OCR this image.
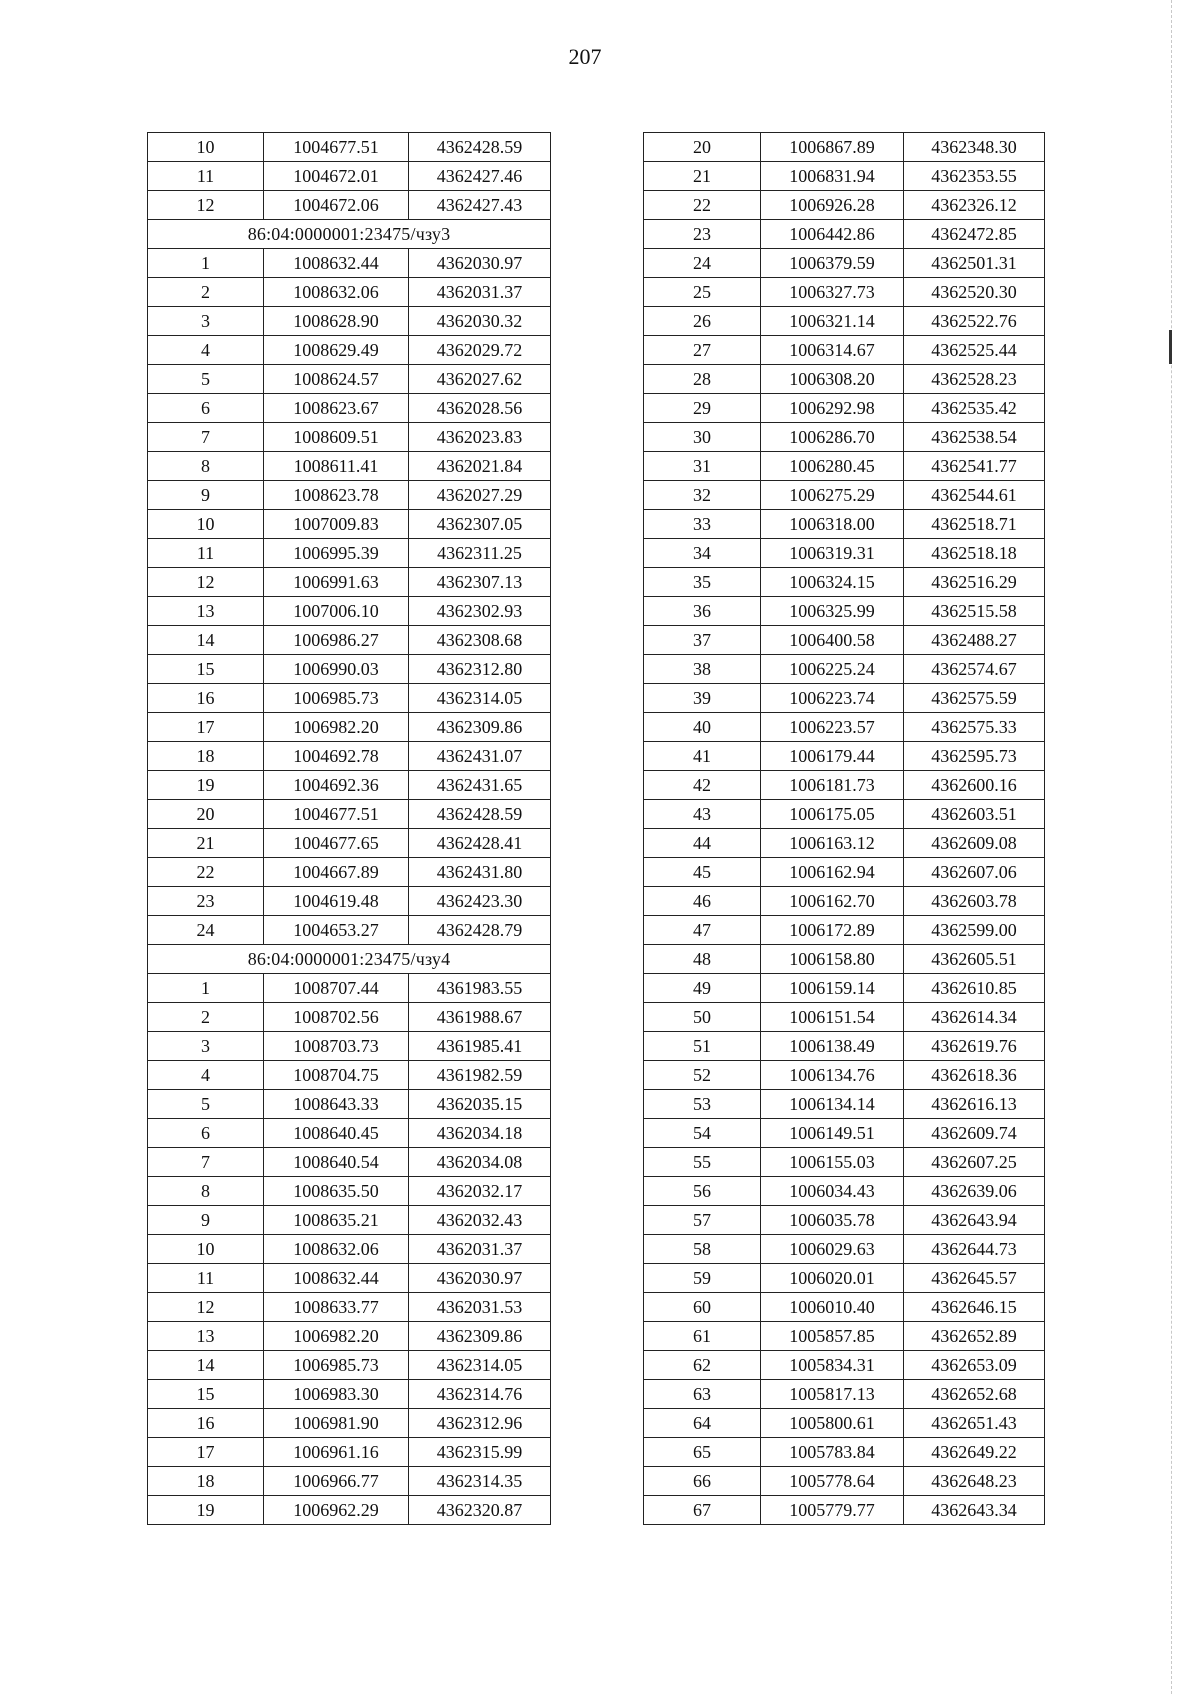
207
10	1004677.51	4362428.59
11	1004672.01	4362427.46
12	1004672.06	4362427.43
86:04:0000001:23475/чзу3		
1	1008632.44	4362030.97
2	1008632.06	4362031.37
3	1008628.90	4362030.32
4	1008629.49	4362029.72
5	1008624.57	4362027.62
6	1008623.67	4362028.56
7	1008609.51	4362023.83
8	1008611.41	4362021.84
9	1008623.78	4362027.29
10	1007009.83	4362307.05
11	1006995.39	4362311.25
12	1006991.63	4362307.13
13	1007006.10	4362302.93
14	1006986.27	4362308.68
15	1006990.03	4362312.80
16	1006985.73	4362314.05
17	1006982.20	4362309.86
18	1004692.78	4362431.07
19	1004692.36	4362431.65
20	1004677.51	4362428.59
21	1004677.65	4362428.41
22	1004667.89	4362431.80
23	1004619.48	4362423.30
24	1004653.27	4362428.79
86:04:0000001:23475/чзу4		
1	1008707.44	4361983.55
2	1008702.56	4361988.67
3	1008703.73	4361985.41
4	1008704.75	4361982.59
5	1008643.33	4362035.15
6	1008640.45	4362034.18
7	1008640.54	4362034.08
8	1008635.50	4362032.17
9	1008635.21	4362032.43
10	1008632.06	4362031.37
11	1008632.44	4362030.97
12	1008633.77	4362031.53
13	1006982.20	4362309.86
14	1006985.73	4362314.05
15	1006983.30	4362314.76
16	1006981.90	4362312.96
17	1006961.16	4362315.99
18	1006966.77	4362314.35
19	1006962.29	4362320.87
20	1006867.89	4362348.30
21	1006831.94	4362353.55
22	1006926.28	4362326.12
23	1006442.86	4362472.85
24	1006379.59	4362501.31
25	1006327.73	4362520.30
26	1006321.14	4362522.76
27	1006314.67	4362525.44
28	1006308.20	4362528.23
29	1006292.98	4362535.42
30	1006286.70	4362538.54
31	1006280.45	4362541.77
32	1006275.29	4362544.61
33	1006318.00	4362518.71
34	1006319.31	4362518.18
35	1006324.15	4362516.29
36	1006325.99	4362515.58
37	1006400.58	4362488.27
38	1006225.24	4362574.67
39	1006223.74	4362575.59
40	1006223.57	4362575.33
41	1006179.44	4362595.73
42	1006181.73	4362600.16
43	1006175.05	4362603.51
44	1006163.12	4362609.08
45	1006162.94	4362607.06
46	1006162.70	4362603.78
47	1006172.89	4362599.00
48	1006158.80	4362605.51
49	1006159.14	4362610.85
50	1006151.54	4362614.34
51	1006138.49	4362619.76
52	1006134.76	4362618.36
53	1006134.14	4362616.13
54	1006149.51	4362609.74
55	1006155.03	4362607.25
56	1006034.43	4362639.06
57	1006035.78	4362643.94
58	1006029.63	4362644.73
59	1006020.01	4362645.57
60	1006010.40	4362646.15
61	1005857.85	4362652.89
62	1005834.31	4362653.09
63	1005817.13	4362652.68
64	1005800.61	4362651.43
65	1005783.84	4362649.22
66	1005778.64	4362648.23
67	1005779.77	4362643.34
